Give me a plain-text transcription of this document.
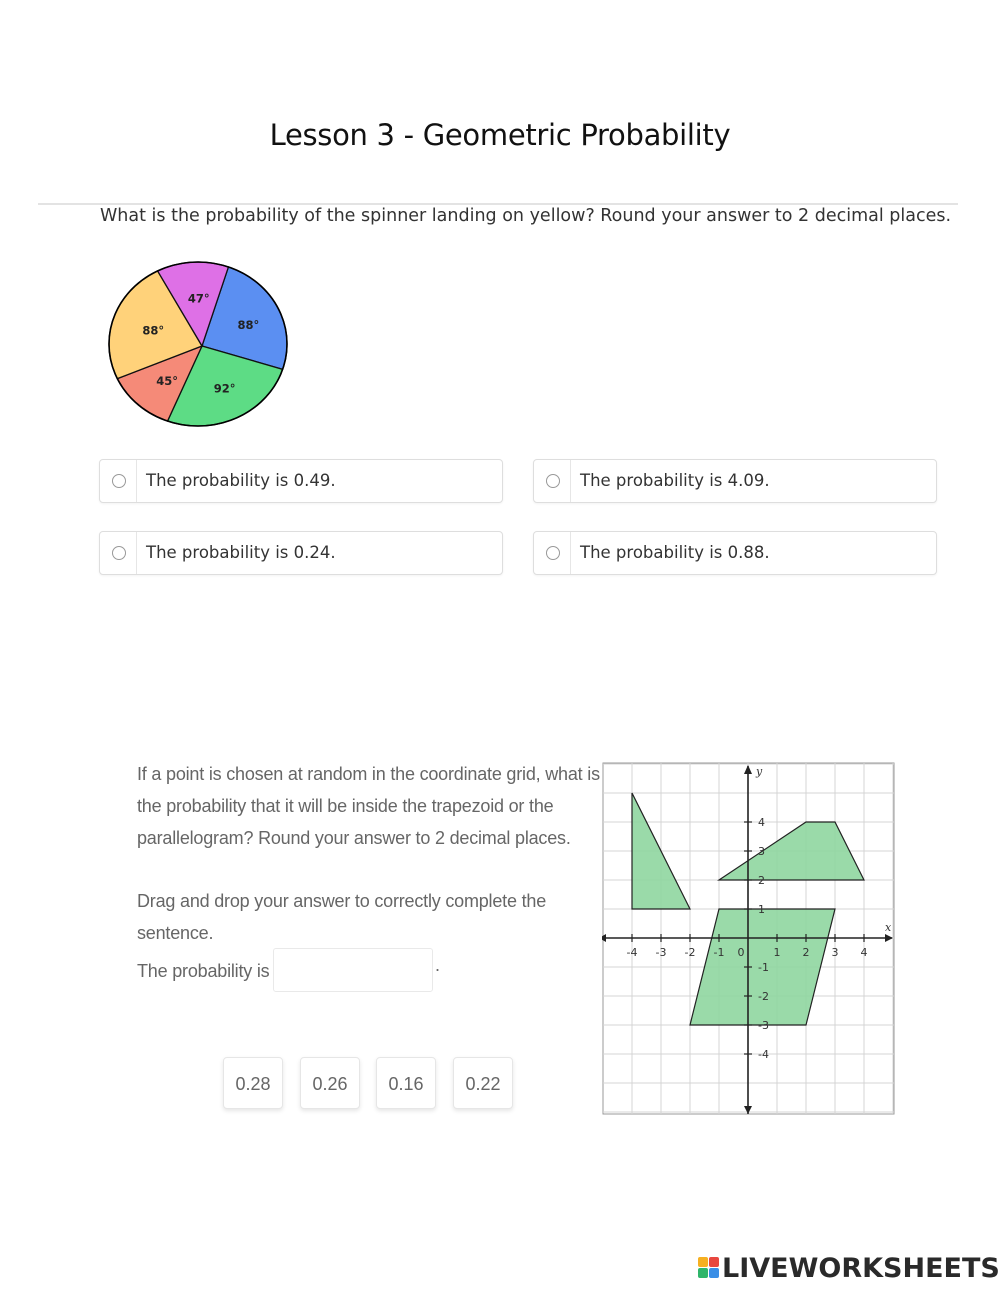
Lesson 3 - Geometric Probability
What is the probability of the spinner landing on yellow? Round your answer to 2 decimal places.
88°
92°
45°
88°
47°
The probability is 0.49.	The probability is 4.09.
The probability is 0.24.	The probability is 0.88.
If a point is chosen at random in the coordinate grid, what is
the probability that it will be inside the trapezoid or the
parallelogram? Round your answer to 2 decimal places.
Drag and drop your answer to correctly complete the
sentence.
The probability is	.
0.28	0.26	0.16	0.22
-4 -3 -2 -1 0	1 2 3 4
4
3
2
1
-1
-2
-3
-4
x
y
LIVEWORKSHEETS
